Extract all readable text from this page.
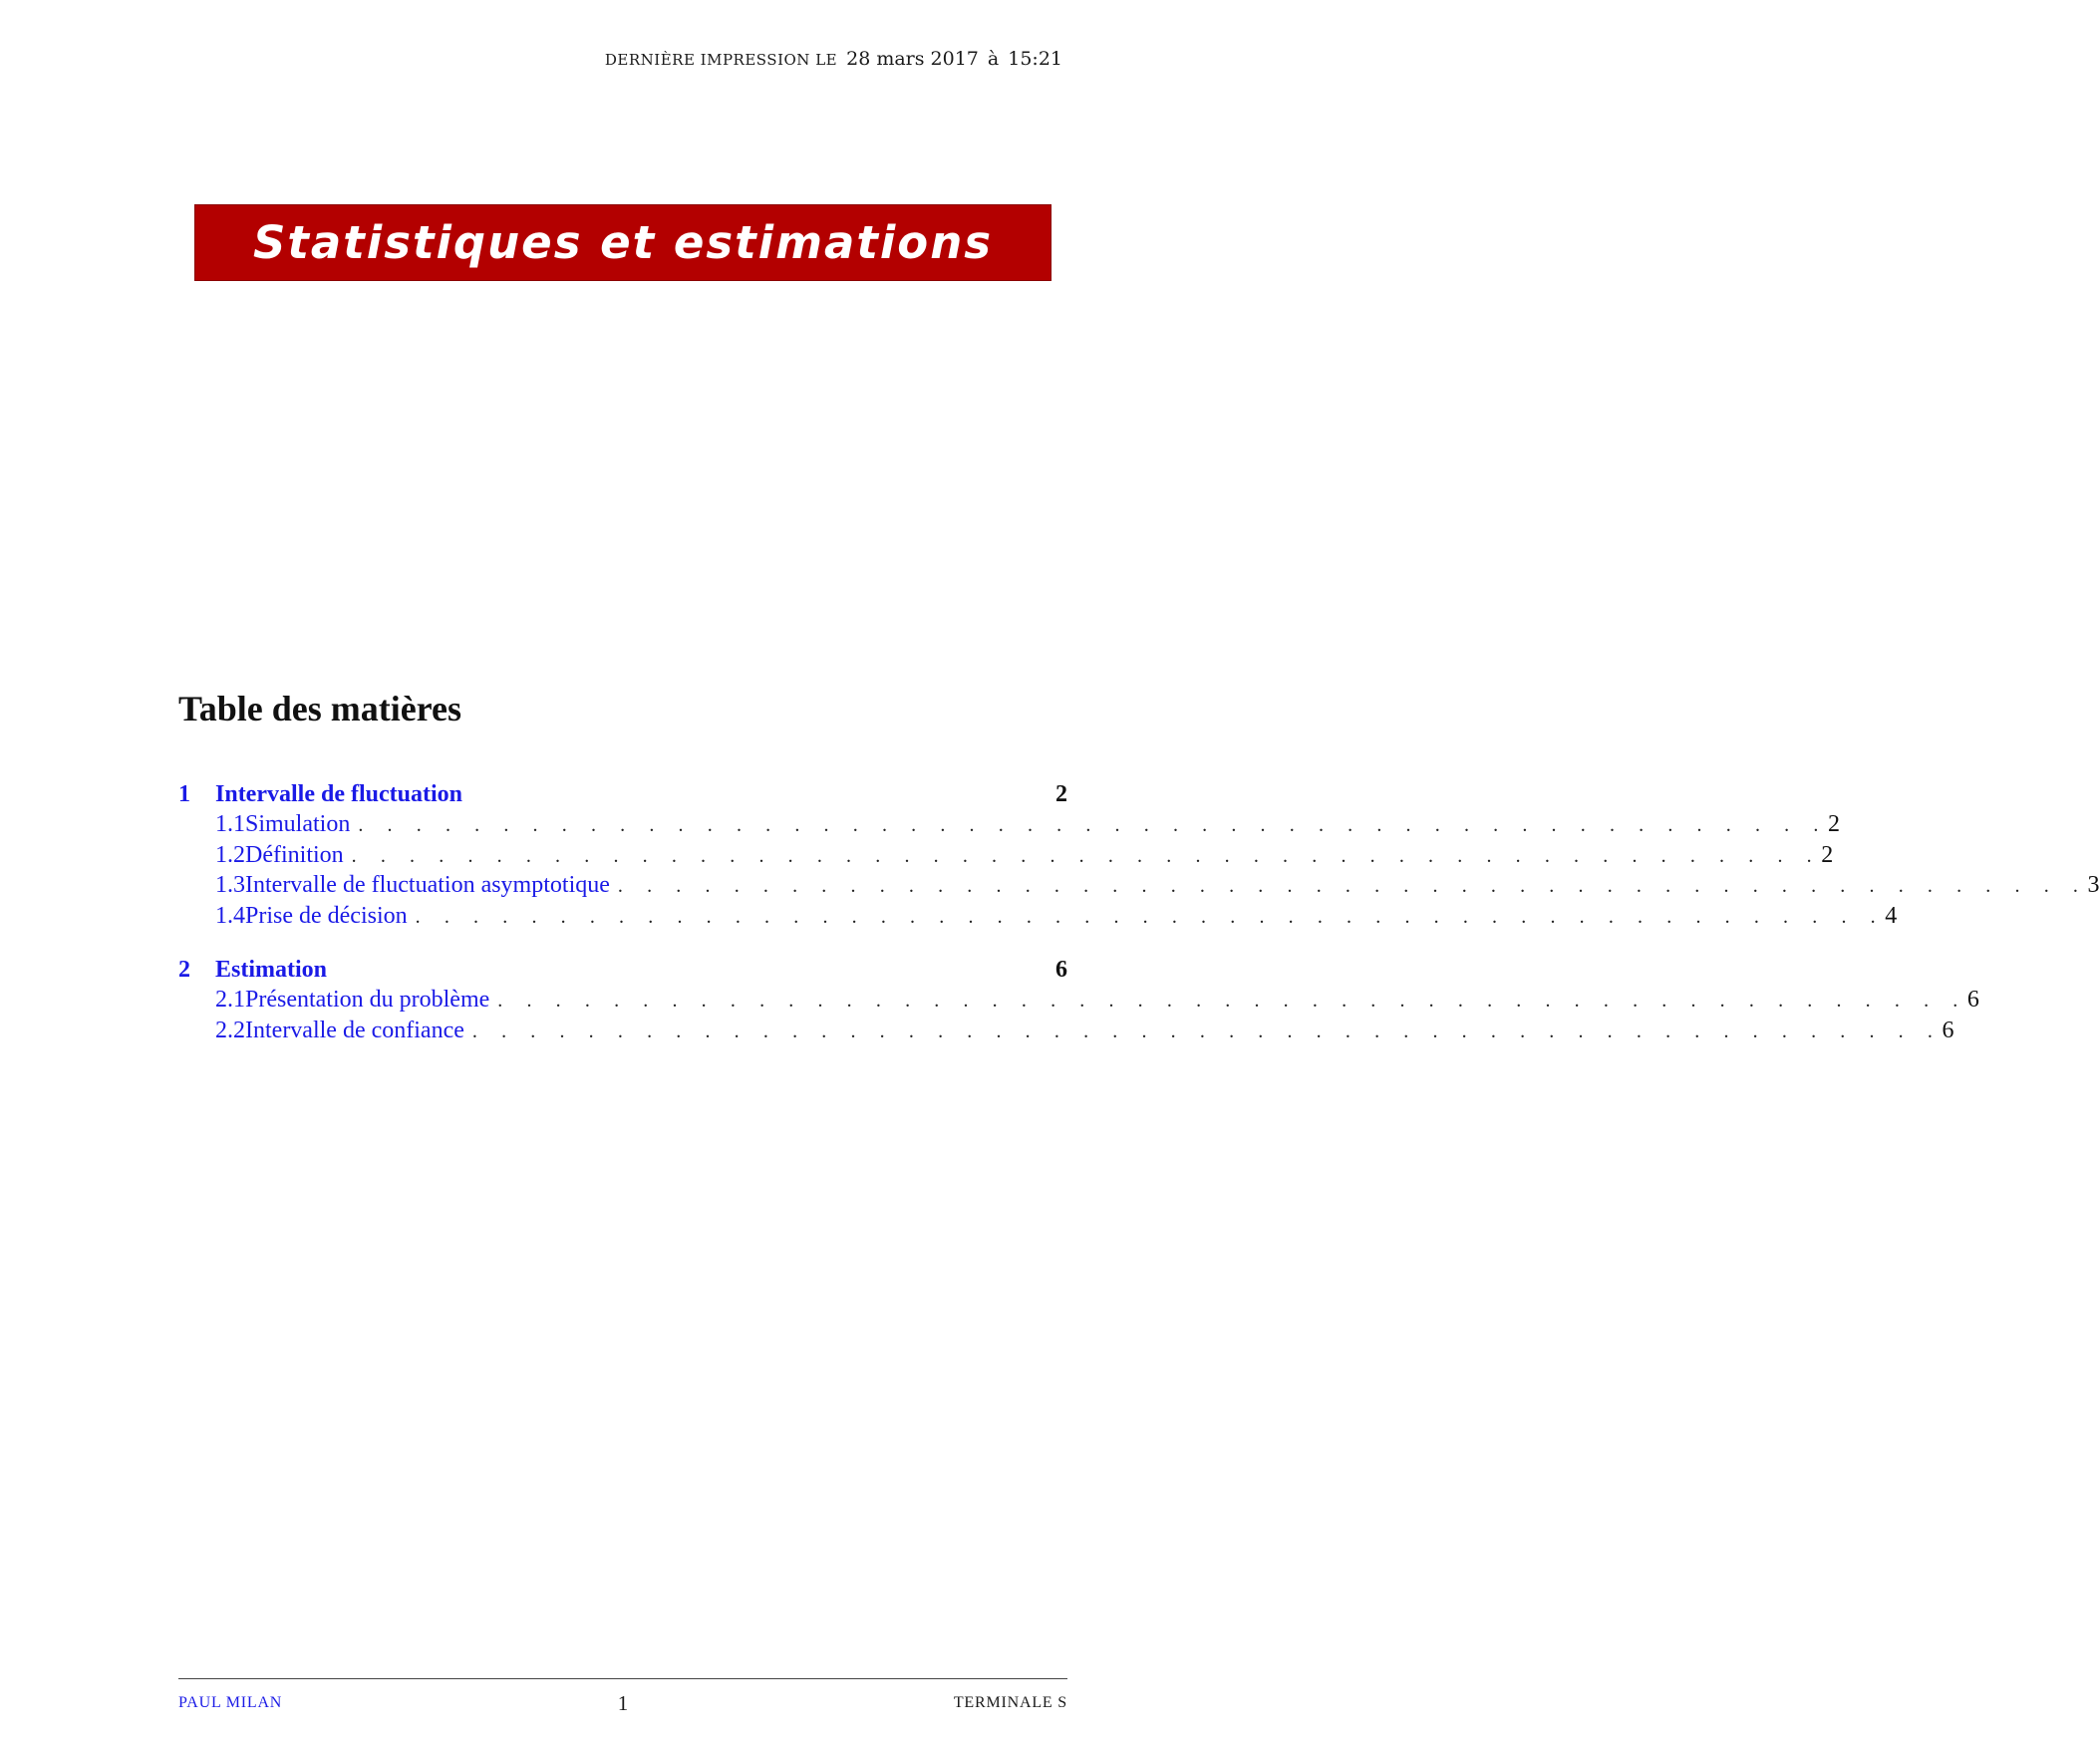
DERNIÈRE IMPRESSION LE 28 mars 2017 à 15:21
Statistiques et estimations
Table des matières
1	Intervalle de fluctuation	2
1.1 Simulation . . . . . . . . . . . . . . . . . . . . . . . . . . . . . . . . . . . . . . . . . . . . . . . . . . . 2
1.2 Définition . . . . . . . . . . . . . . . . . . . . . . . . . . . . . . . . . . . . . . . . . . . . . . . . . . . 2
1.3 Intervalle de fluctuation asymptotique . . . . . . . . . . . . . . . . . . . . . . . . . . . . . . . . . . . . . . . . . . . . . . . . . . . 3
1.4 Prise de décision . . . . . . . . . . . . . . . . . . . . . . . . . . . . . . . . . . . . . . . . . . . . . . . . . . . 4
2	Estimation	6
2.1 Présentation du problème . . . . . . . . . . . . . . . . . . . . . . . . . . . . . . . . . . . . . . . . . . . . . . . . . . . 6
2.2 Intervalle de confiance . . . . . . . . . . . . . . . . . . . . . . . . . . . . . . . . . . . . . . . . . . . . . . . . . . . 6
PAUL MILAN	1	TERMINALE S
